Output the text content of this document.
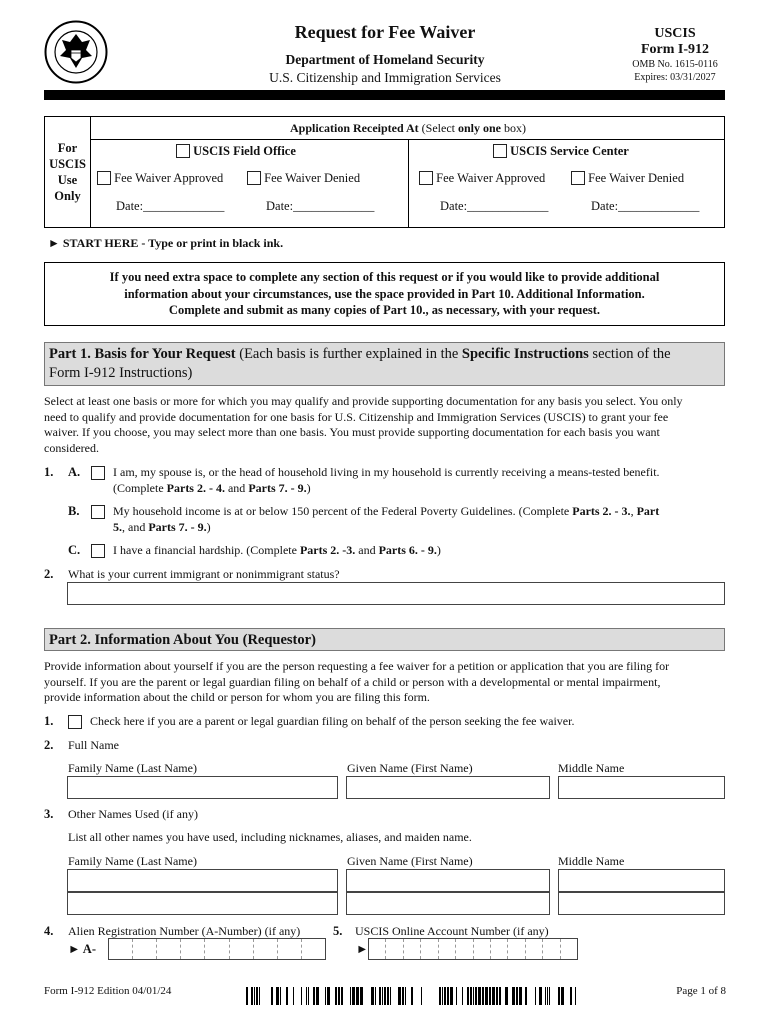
Request for Fee Waiver
Department of Homeland Security
U.S. Citizenship and Immigration Services
USCIS
Form I-912
OMB No. 1615-0116
Expires: 03/31/2027
For
USCIS
Use
Only
Application Receipted At (Select only one box)
USCIS Field Office	USCIS Service Center
Fee Waiver Approved	Fee Waiver Denied	Fee Waiver Approved	Fee Waiver Denied
Date:_____________	Date:_____________	Date:_____________	Date:_____________
► START HERE - Type or print in black ink.
If you need extra space to complete any section of this request or if you would like to provide additional
information about your circumstances, use the space provided in Part 10. Additional Information.
Complete and submit as many copies of Part 10., as necessary, with your request.
Part 1. Basis for Your Request (Each basis is further explained in the Specific Instructions section of the
Form I-912 Instructions)
Select at least one basis or more for which you may qualify and provide supporting documentation for any basis you select. You only
need to qualify and provide documentation for one basis for U.S. Citizenship and Immigration Services (USCIS) to grant your fee
waiver. If you choose, you may select more than one basis. You must provide supporting documentation for each basis you want
considered.
1. A.	I am, my spouse is, or the head of household living in my household is currently receiving a means-tested benefit.
(Complete Parts 2. - 4. and Parts 7. - 9.)
B.	My household income is at or below 150 percent of the Federal Poverty Guidelines. (Complete Parts 2. - 3., Part
5., and Parts 7. - 9.)
C.	I have a financial hardship. (Complete Parts 2. -3. and Parts 6. - 9.)
2. What is your current immigrant or nonimmigrant status?
Part 2. Information About You (Requestor)
Provide information about yourself if you are the person requesting a fee waiver for a petition or application that you are filing for
yourself. If you are the parent or legal guardian filing on behalf of a child or person with a developmental or mental impairment,
provide information about the child or person for whom you are filing this form.
1.	Check here if you are a parent or legal guardian filing on behalf of the person seeking the fee waiver.
2. Full Name
Family Name (Last Name)	Given Name (First Name)	Middle Name
3. Other Names Used (if any)
List all other names you have used, including nicknames, aliases, and maiden name.
Family Name (Last Name)	Given Name (First Name)	Middle Name
4. Alien Registration Number (A-Number) (if any)
► A-
5. USCIS Online Account Number (if any)
►
Form I-912 Edition 04/01/24	Page 1 of 8
